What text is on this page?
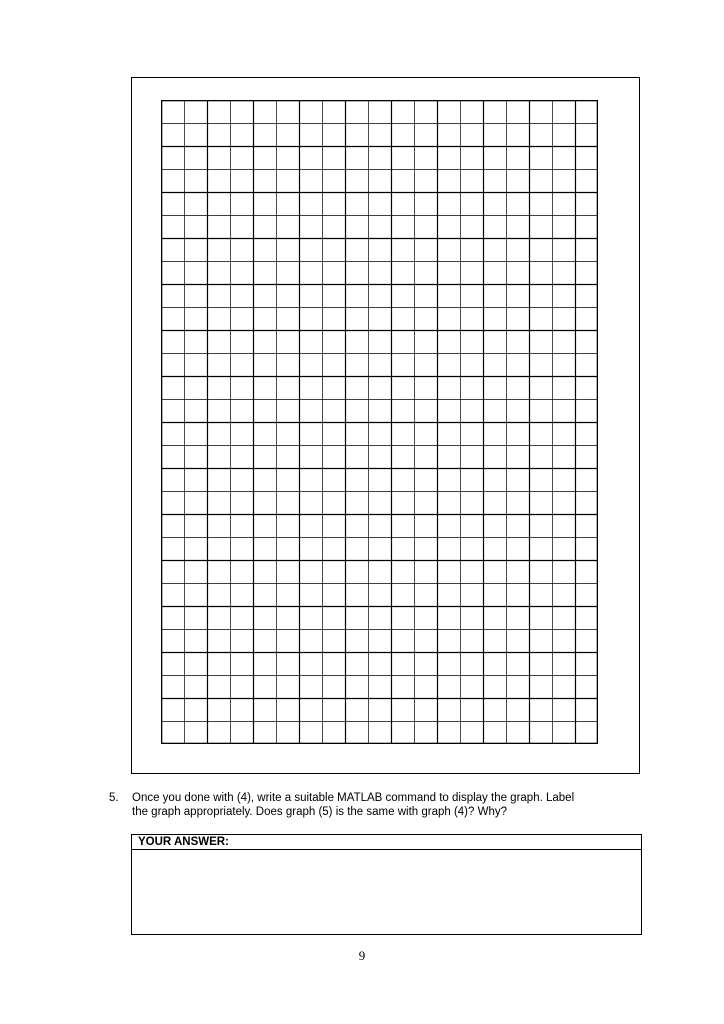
5. Once you done with (4), write a suitable MATLAB command to display the graph. Label
the graph appropriately. Does graph (5) is the same with graph (4)? Why?
YOUR ANSWER:
9
